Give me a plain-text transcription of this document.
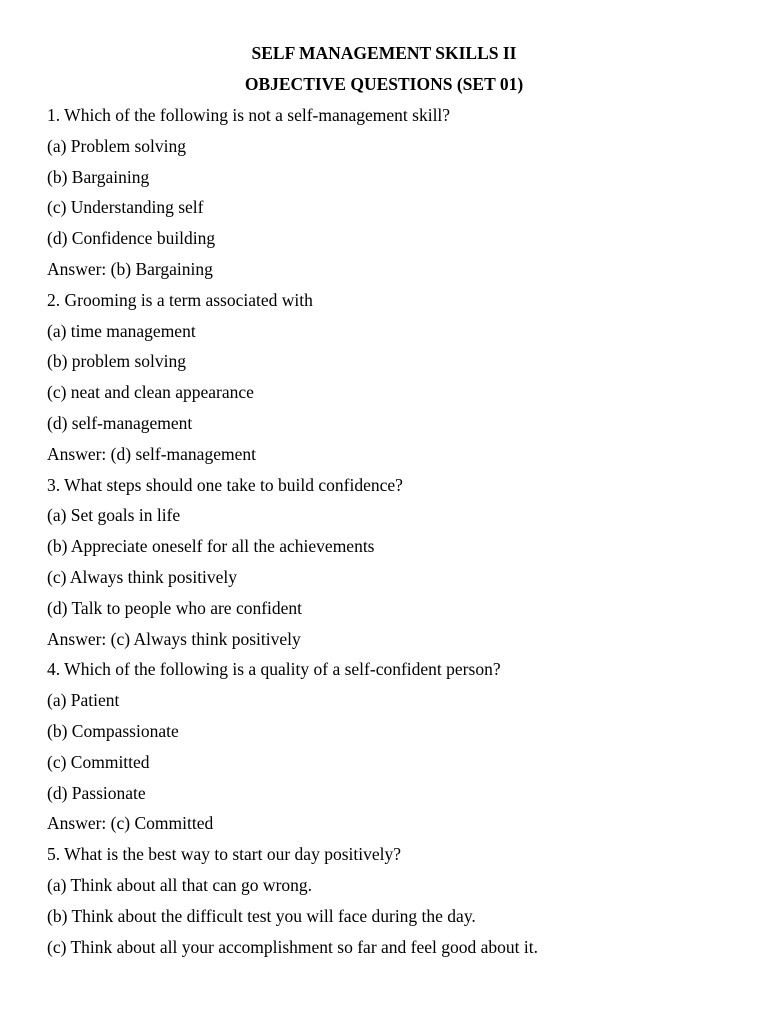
SELF MANAGEMENT SKILLS II
OBJECTIVE QUESTIONS (SET 01)
1. Which of the following is not a self-management skill?
(a) Problem solving
(b) Bargaining
(c) Understanding self
(d) Confidence building
Answer: (b) Bargaining
2. Grooming is a term associated with
(a) time management
(b) problem solving
(c) neat and clean appearance
(d) self-management
Answer: (d) self-management
3. What steps should one take to build confidence?
(a) Set goals in life
(b) Appreciate oneself for all the achievements
(c) Always think positively
(d) Talk to people who are confident
Answer: (c) Always think positively
4. Which of the following is a quality of a self-confident person?
(a) Patient
(b) Compassionate
(c) Committed
(d) Passionate
Answer: (c) Committed
5. What is the best way to start our day positively?
(a) Think about all that can go wrong.
(b) Think about the difficult test you will face during the day.
(c) Think about all your accomplishment so far and feel good about it.
